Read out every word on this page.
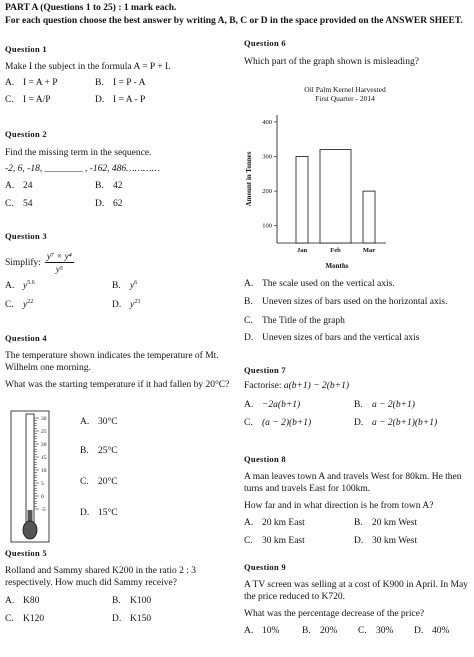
PART A (Questions 1 to 25) : 1 mark each.
For each question choose the best answer by writing A, B, C or D in the space provided on the ANSWER SHEET.
Question 1
Make I the subject in the formula A = P + I.
A. I = A + P	B. I = P - A
C. I = A/P	D. I = A - P
Question 2
Find the missing term in the sequence.
-2, 6, -18, ________ , -162, 486…………
A. 24	B. 42
C. 54	D. 62
Question 3
Simplify: $\frac{\text{y⁷ × y⁴}}{\text{y⁵}}$
A. $y^{5.6}$	B. $y^6$
C. $y^{22}$	D. $y^{23}$
Question 4
The temperature shown indicates the temperature of Mt. Wilhelm one morning.
What was the starting temperature if it had fallen by 20°C?
30
25
20
15
10
5
0
-5
A. 30°C
B. 25°C
C. 20°C
D. 15°C
Question 5
Rolland and Sammy shared K200 in the ratio 2 : 3 respectively. How much did Sammy receive?
A. K80	B. K100
C. K120	D. K150
Question 6
Which part of the graph shown is misleading?
Oil Palm Kernel Harvested
First Quarter - 2014
100
200
300
400
Jan	Feb	Mar
Months
Amount in Tonnes
A. The scale used on the vertical axis.
B. Uneven sizes of bars used on the horizontal axis.
C. The Title of the graph
D. Uneven sizes of bars and the vertical axis
Question 7
Factorise: a(b+1) − 2(b+1)
A. −2a(b+1)	B. a − 2(b+1)
C. (a − 2)(b+1)	D. a − 2(b+1)(b+1)
Question 8
A man leaves town A and travels West for 80km. He then turns and travels East for 100km.
How far and in what direction is he from town A?
A. 20 km East	B. 20 km West
C. 30 km East	D. 30 km West
Question 9
A TV screen was selling at a cost of K900 in April. In May the price reduced to K720.
What was the percentage decrease of the price?
A. 10% B. 20% C. 30% D. 40%
